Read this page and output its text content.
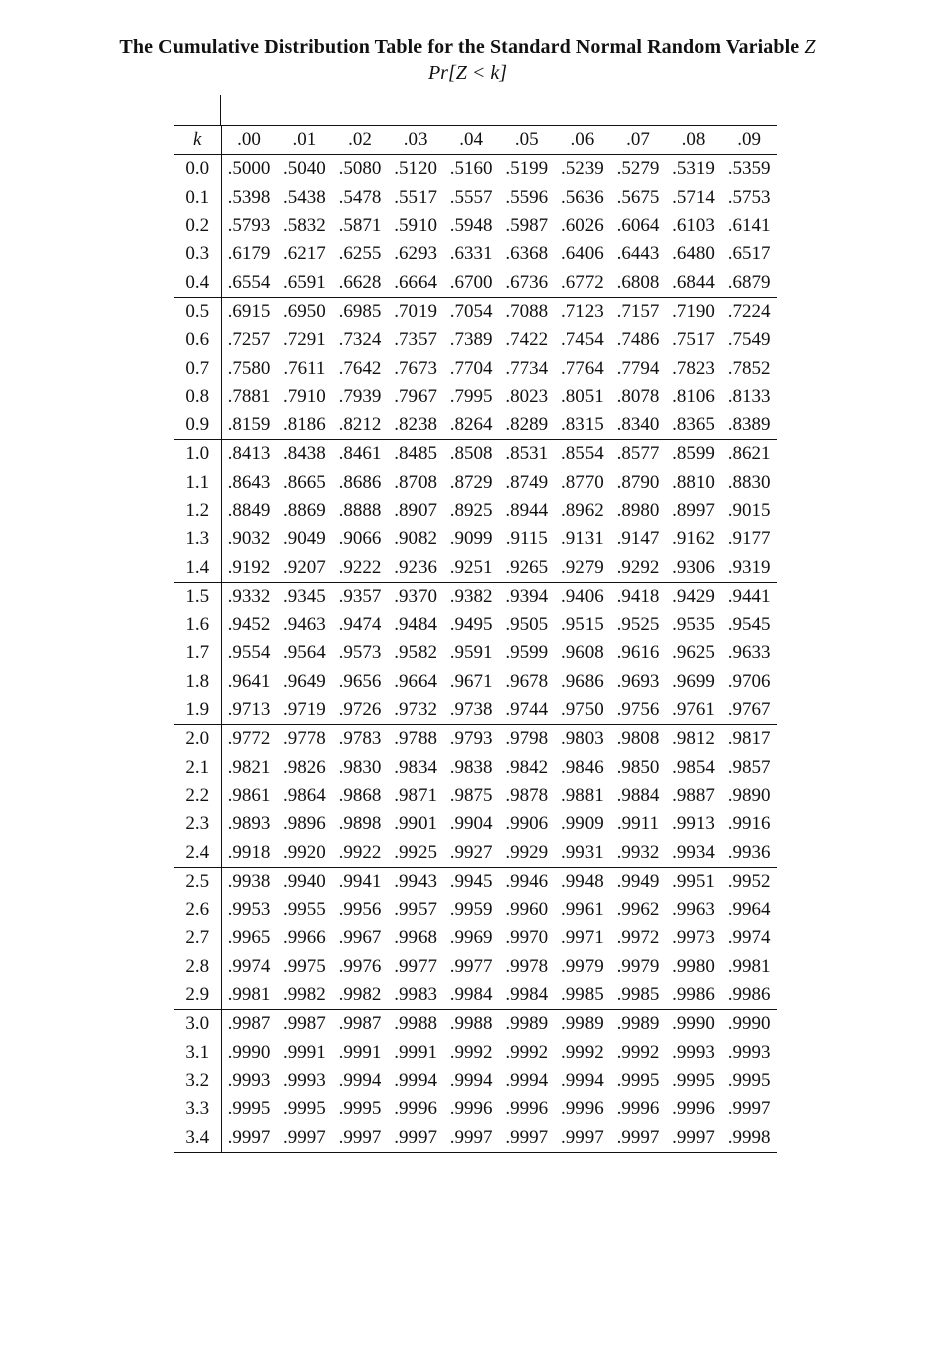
The Cumulative Distribution Table for the Standard Normal Random Variable Z
Pr[Z < k]
k	.00	.01	.02	.03	.04	.05	.06	.07	.08	.09
0.0	.5000	.5040	.5080	.5120	.5160	.5199	.5239	.5279	.5319	.5359
0.1	.5398	.5438	.5478	.5517	.5557	.5596	.5636	.5675	.5714	.5753
0.2	.5793	.5832	.5871	.5910	.5948	.5987	.6026	.6064	.6103	.6141
0.3	.6179	.6217	.6255	.6293	.6331	.6368	.6406	.6443	.6480	.6517
0.4	.6554	.6591	.6628	.6664	.6700	.6736	.6772	.6808	.6844	.6879
0.5	.6915	.6950	.6985	.7019	.7054	.7088	.7123	.7157	.7190	.7224
0.6	.7257	.7291	.7324	.7357	.7389	.7422	.7454	.7486	.7517	.7549
0.7	.7580	.7611	.7642	.7673	.7704	.7734	.7764	.7794	.7823	.7852
0.8	.7881	.7910	.7939	.7967	.7995	.8023	.8051	.8078	.8106	.8133
0.9	.8159	.8186	.8212	.8238	.8264	.8289	.8315	.8340	.8365	.8389
1.0	.8413	.8438	.8461	.8485	.8508	.8531	.8554	.8577	.8599	.8621
1.1	.8643	.8665	.8686	.8708	.8729	.8749	.8770	.8790	.8810	.8830
1.2	.8849	.8869	.8888	.8907	.8925	.8944	.8962	.8980	.8997	.9015
1.3	.9032	.9049	.9066	.9082	.9099	.9115	.9131	.9147	.9162	.9177
1.4	.9192	.9207	.9222	.9236	.9251	.9265	.9279	.9292	.9306	.9319
1.5	.9332	.9345	.9357	.9370	.9382	.9394	.9406	.9418	.9429	.9441
1.6	.9452	.9463	.9474	.9484	.9495	.9505	.9515	.9525	.9535	.9545
1.7	.9554	.9564	.9573	.9582	.9591	.9599	.9608	.9616	.9625	.9633
1.8	.9641	.9649	.9656	.9664	.9671	.9678	.9686	.9693	.9699	.9706
1.9	.9713	.9719	.9726	.9732	.9738	.9744	.9750	.9756	.9761	.9767
2.0	.9772	.9778	.9783	.9788	.9793	.9798	.9803	.9808	.9812	.9817
2.1	.9821	.9826	.9830	.9834	.9838	.9842	.9846	.9850	.9854	.9857
2.2	.9861	.9864	.9868	.9871	.9875	.9878	.9881	.9884	.9887	.9890
2.3	.9893	.9896	.9898	.9901	.9904	.9906	.9909	.9911	.9913	.9916
2.4	.9918	.9920	.9922	.9925	.9927	.9929	.9931	.9932	.9934	.9936
2.5	.9938	.9940	.9941	.9943	.9945	.9946	.9948	.9949	.9951	.9952
2.6	.9953	.9955	.9956	.9957	.9959	.9960	.9961	.9962	.9963	.9964
2.7	.9965	.9966	.9967	.9968	.9969	.9970	.9971	.9972	.9973	.9974
2.8	.9974	.9975	.9976	.9977	.9977	.9978	.9979	.9979	.9980	.9981
2.9	.9981	.9982	.9982	.9983	.9984	.9984	.9985	.9985	.9986	.9986
3.0	.9987	.9987	.9987	.9988	.9988	.9989	.9989	.9989	.9990	.9990
3.1	.9990	.9991	.9991	.9991	.9992	.9992	.9992	.9992	.9993	.9993
3.2	.9993	.9993	.9994	.9994	.9994	.9994	.9994	.9995	.9995	.9995
3.3	.9995	.9995	.9995	.9996	.9996	.9996	.9996	.9996	.9996	.9997
3.4	.9997	.9997	.9997	.9997	.9997	.9997	.9997	.9997	.9997	.9998
